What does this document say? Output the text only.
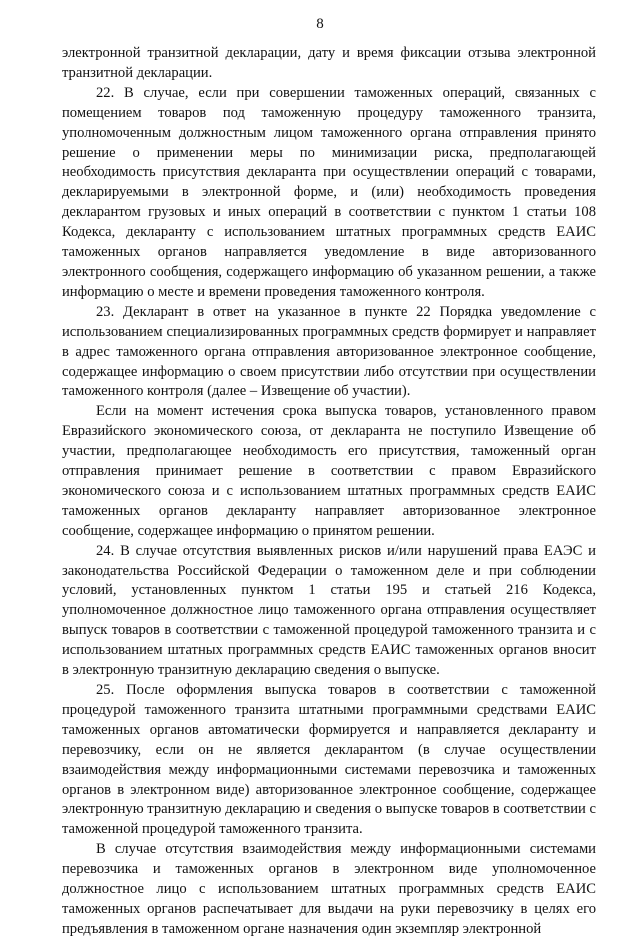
8

электронной транзитной декларации, дату и время фиксации отзыва электронной транзитной декларации.

22. В случае, если при совершении таможенных операций, связанных с помещением товаров под таможенную процедуру таможенного транзита, уполномоченным должностным лицом таможенного органа отправления принято решение о применении меры по минимизации риска, предполагающей необходимость присутствия декларанта при осуществлении операций с товарами, декларируемыми в электронной форме, и (или) необходимость проведения декларантом грузовых и иных операций в соответствии с пунктом 1 статьи 108 Кодекса, декларанту с использованием штатных программных средств ЕАИС таможенных органов направляется уведомление в виде авторизованного электронного сообщения, содержащего информацию об указанном решении, а также информацию о месте и времени проведения таможенного контроля.

23. Декларант в ответ на указанное в пункте 22 Порядка уведомление с использованием специализированных программных средств формирует и направляет в адрес таможенного органа отправления авторизованное электронное сообщение, содержащее информацию о своем присутствии либо отсутствии при осуществлении таможенного контроля (далее – Извещение об участии).

Если на момент истечения срока выпуска товаров, установленного правом Евразийского экономического союза, от декларанта не поступило Извещение об участии, предполагающее необходимость его присутствия, таможенный орган отправления принимает решение в соответствии с правом Евразийского экономического союза и с использованием штатных программных средств ЕАИС таможенных органов декларанту направляет авторизованное электронное сообщение, содержащее информацию о принятом решении.

24. В случае отсутствия выявленных рисков и/или нарушений права ЕАЭС и законодательства Российской Федерации о таможенном деле и при соблюдении условий, установленных пунктом 1 статьи 195 и статьей 216 Кодекса, уполномоченное должностное лицо таможенного органа отправления осуществляет выпуск товаров в соответствии с таможенной процедурой таможенного транзита и с использованием штатных программных средств ЕАИС таможенных органов вносит в электронную транзитную декларацию сведения о выпуске.

25. После оформления выпуска товаров в соответствии с таможенной процедурой таможенного транзита штатными программными средствами ЕАИС таможенных органов автоматически формируется и направляется декларанту и перевозчику, если он не является декларантом (в случае осуществлении взаимодействия между информационными системами перевозчика и таможенных органов в электронном виде) авторизованное электронное сообщение, содержащее электронную транзитную декларацию и сведения о выпуске товаров в соответствии с таможенной процедурой таможенного транзита.

В случае отсутствия взаимодействия между информационными системами перевозчика и таможенных органов в электронном виде уполномоченное должностное лицо с использованием штатных программных средств ЕАИС таможенных органов распечатывает для выдачи на руки перевозчику в целях его предъявления в таможенном органе назначения один экземпляр электронной
